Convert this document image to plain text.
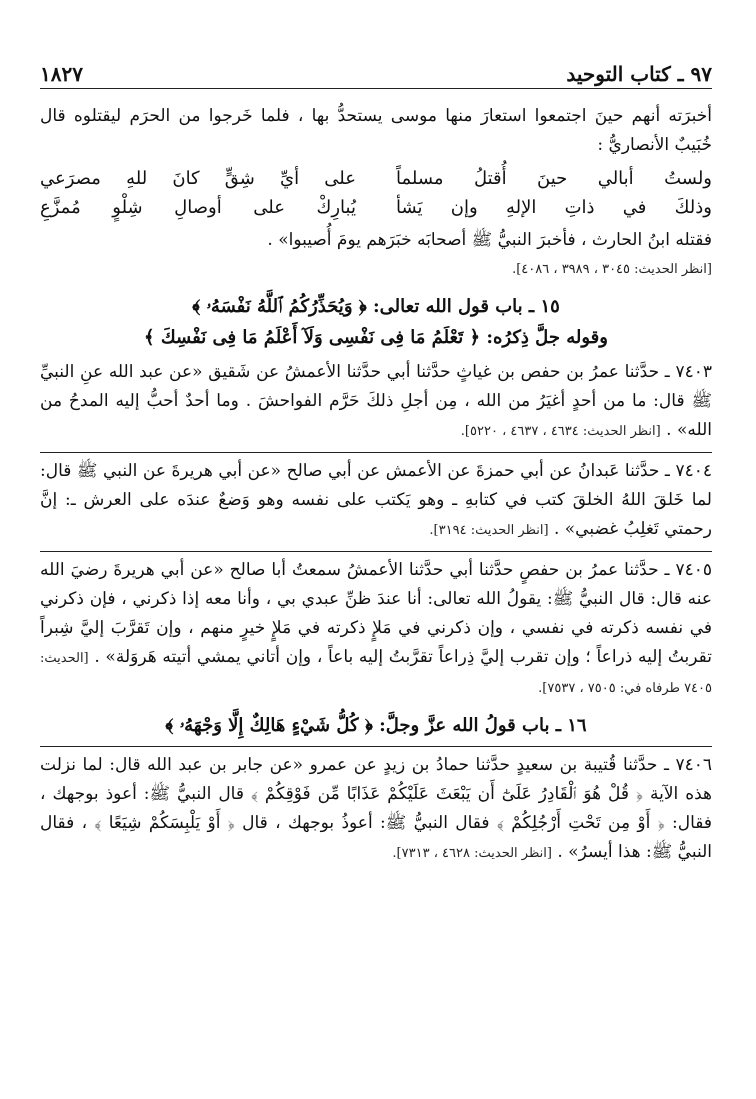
٩٧ ـ كتاب التوحيد
١٨٢٧

أخبرَته أنهم حينَ اجتمعوا استعارَ منها موسى يستحدُّ بها ، فلما خَرجوا من الحرَم ليقتلوه قال خُبَيبٌ الأنصاريُّ :

ولستُ أبالي حينَ أُقتلُ مسلماً
على أيِّ شِقٍّ كانَ للهِ مصرَعي
وذلكَ في ذاتِ الإلهِ وإن يَشأ
يُبارِكْ على أوصالِ شِلْوٍ مُمزَّعِ

فقتله ابنُ الحارث ، فأخبرَ النبيُّ ﷺ أصحابَه خبَرَهم يومَ أُصيبوا» .

[انظر الحديث: ٣٠٤٥ ، ٣٩٨٩ ، ٤٠٨٦].

١٥ ـ باب قول الله تعالى: ﴿ وَيُحَذِّرُكُمُ ٱللَّهُ نَفْسَهُۥ ﴾
وقوله جلَّ ذِكرُه: ﴿ تَعْلَمُ مَا فِى نَفْسِى وَلَآ أَعْلَمُ مَا فِى نَفْسِكَ ﴾

٧٤٠٣ ـ حدَّثنا عمرُ بن حفص بن غياثٍ حدَّثنا أبي حدَّثنا الأعمشُ عن شَقيق «عن عبد الله عنِ النبيِّ ﷺ قال: ما من أحدٍ أغيَرُ من الله ، مِن أجلِ ذلكَ حَرَّم الفواحشَ . وما أحدٌ أحبُّ إليه المدحُ من الله» . [انظر الحديث: ٤٦٣٤ ، ٤٦٣٧ ، ٥٢٢٠].

٧٤٠٤ ـ حدَّثنا عَبدانُ عن أبي حمزةَ عن الأعمش عن أبي صالح «عن أبي هريرةَ عن النبي ﷺ قال: لما خَلقَ اللهُ الخلقَ كتب في كتابهِ ـ وهو يَكتب على نفسه وهو وَضعٌ عندَه على العرش ـ: إنَّ رحمتي تَغلِبُ غضبي» . [انظر الحديث: ٣١٩٤].

٧٤٠٥ ـ حدَّثنا عمرُ بن حفصٍ حدَّثنا أبي حدَّثنا الأعمشُ سمعتُ أبا صالح «عن أبي هريرةَ رضيَ الله عنه قال: قال النبيُّ ﷺ: يقولُ الله تعالى: أنا عندَ ظنِّ عبدي بي ، وأنا معه إذا ذكرني ، فإن ذكرني في نفسه ذكرته في نفسي ، وإن ذكرني في مَلإٍ ذكرته في مَلإٍ خيرٍ منهم ، وإن تَقرَّبَ إليَّ شِبراً تقربتُ إليه ذراعاً ؛ وإن تقرب إليَّ ذِراعاً تقرَّبتُ إليه باعاً ، وإن أتاني يمشي أتيته هَروَلة» . [الحديث: ٧٤٠٥ طرفاه في: ٧٥٠٥ ، ٧٥٣٧].

١٦ ـ باب قولُ الله عزَّ وجلَّ: ﴿ كُلُّ شَيْءٍ هَالِكٌ إِلَّا وَجْهَهُۥ ﴾

٧٤٠٦ ـ حدَّثنا قُتيبة بن سعيدٍ حدَّثنا حمادُ بن زيدٍ عن عمرو «عن جابر بن عبد الله قال: لما نزلت هذه الآية ﴿ قُلْ هُوَ ٱلْقَادِرُ عَلَىٰٓ أَن يَبْعَثَ عَلَيْكُمْ عَذَابًا مِّن فَوْقِكُمْ ﴾ قال النبيُّ ﷺ: أعوذ بوجهك ، فقال: ﴿ أَوْ مِن تَحْتِ أَرْجُلِكُمْ ﴾ فقال النبيُّ ﷺ: أعوذُ بوجهك ، قال ﴿ أَوْ يَلْبِسَكُمْ شِيَعًا ﴾ ، فقال النبيُّ ﷺ: هذا أيسرُ» . [انظر الحديث: ٤٦٢٨ ، ٧٣١٣].
